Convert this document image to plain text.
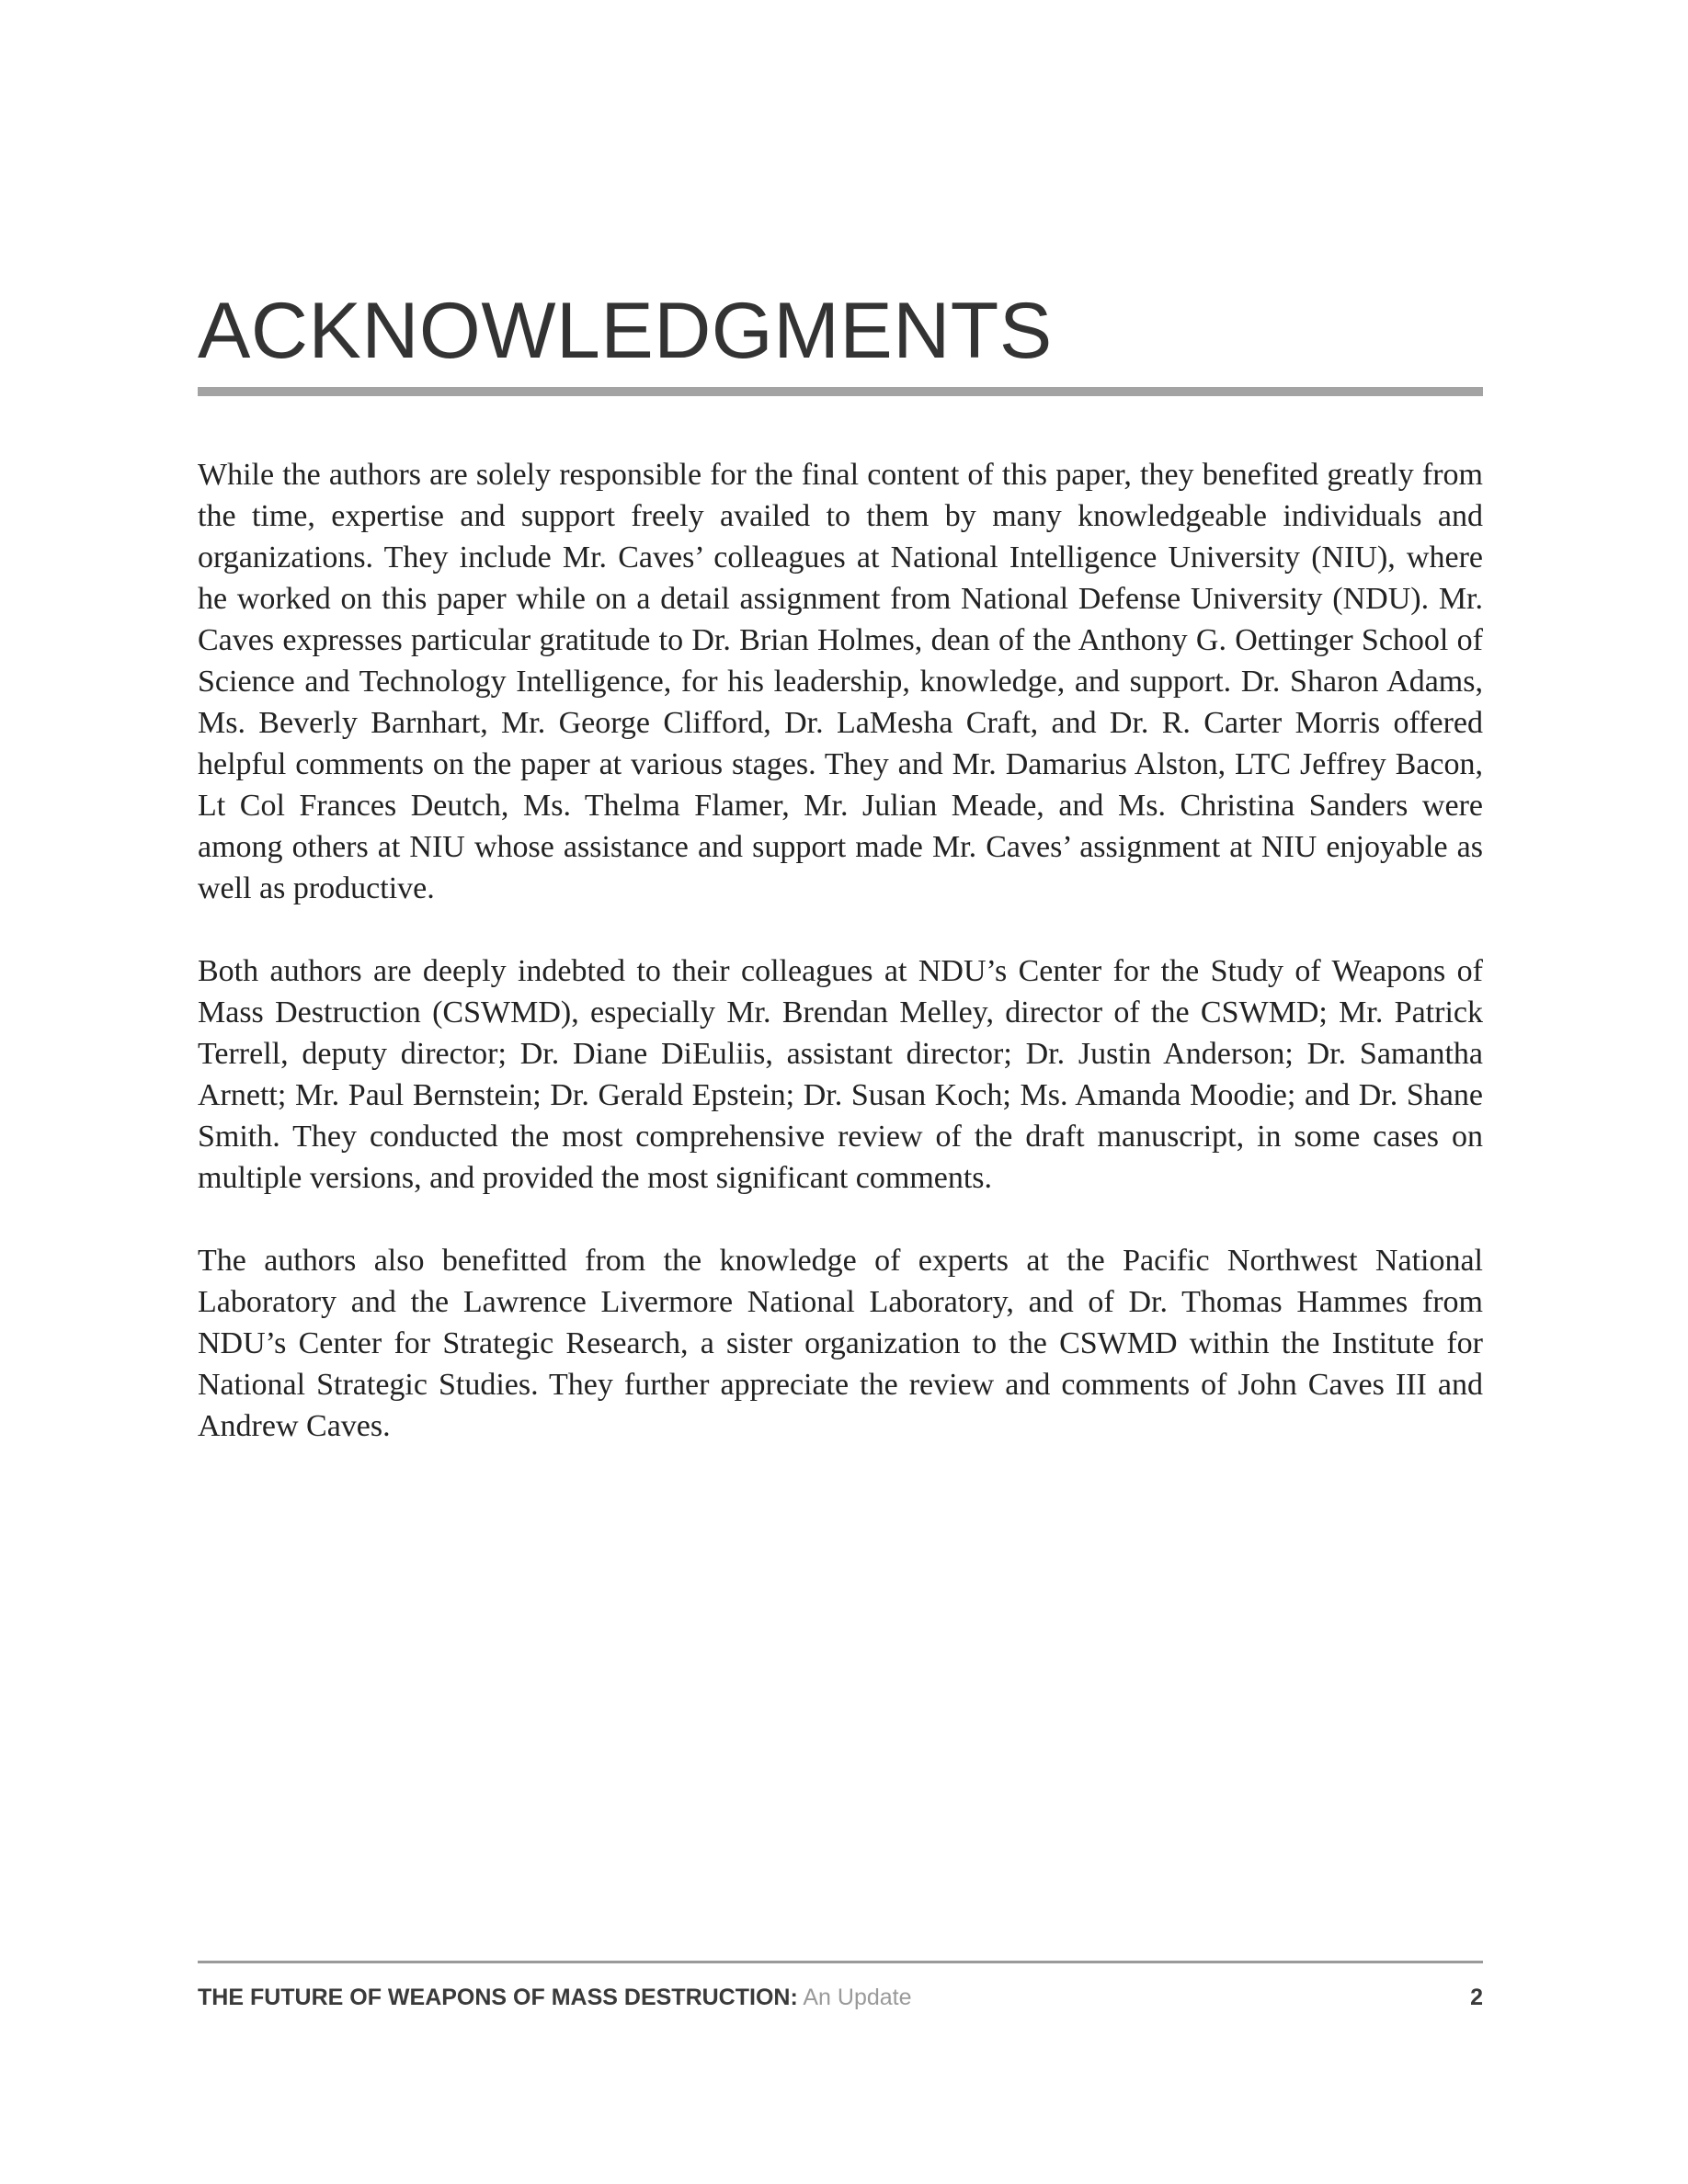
ACKNOWLEDGMENTS

While the authors are solely responsible for the final content of this paper, they benefited greatly from the time, expertise and support freely availed to them by many knowledgeable individuals and organizations. They include Mr. Caves’ colleagues at National Intelligence University (NIU), where he worked on this paper while on a detail assignment from National Defense University (NDU). Mr. Caves expresses particular gratitude to Dr. Brian Holmes, dean of the Anthony G. Oettinger School of Science and Technology Intelligence, for his leadership, knowledge, and support. Dr. Sharon Adams, Ms. Beverly Barnhart, Mr. George Clifford, Dr. LaMesha Craft, and Dr. R. Carter Morris offered helpful comments on the paper at various stages. They and Mr. Damarius Alston, LTC Jeffrey Bacon, Lt Col Frances Deutch, Ms. Thelma Flamer, Mr. Julian Meade, and Ms. Christina Sanders were among others at NIU whose assistance and support made Mr. Caves’ assignment at NIU enjoyable as well as productive.

Both authors are deeply indebted to their colleagues at NDU’s Center for the Study of Weapons of Mass Destruction (CSWMD), especially Mr. Brendan Melley, director of the CSWMD; Mr. Patrick Terrell, deputy director; Dr. Diane DiEuliis, assistant director; Dr. Justin Anderson; Dr. Samantha Arnett; Mr. Paul Bernstein; Dr. Gerald Epstein; Dr. Susan Koch; Ms. Amanda Moodie; and Dr. Shane Smith. They conducted the most comprehensive review of the draft manuscript, in some cases on multiple versions, and provided the most significant comments.

The authors also benefitted from the knowledge of experts at the Pacific Northwest National Laboratory and the Lawrence Livermore National Laboratory, and of Dr. Thomas Hammes from NDU’s Center for Strategic Research, a sister organization to the CSWMD within the Institute for National Strategic Studies. They further appreciate the review and comments of John Caves III and Andrew Caves.

THE FUTURE OF WEAPONS OF MASS DESTRUCTION: An Update	2
